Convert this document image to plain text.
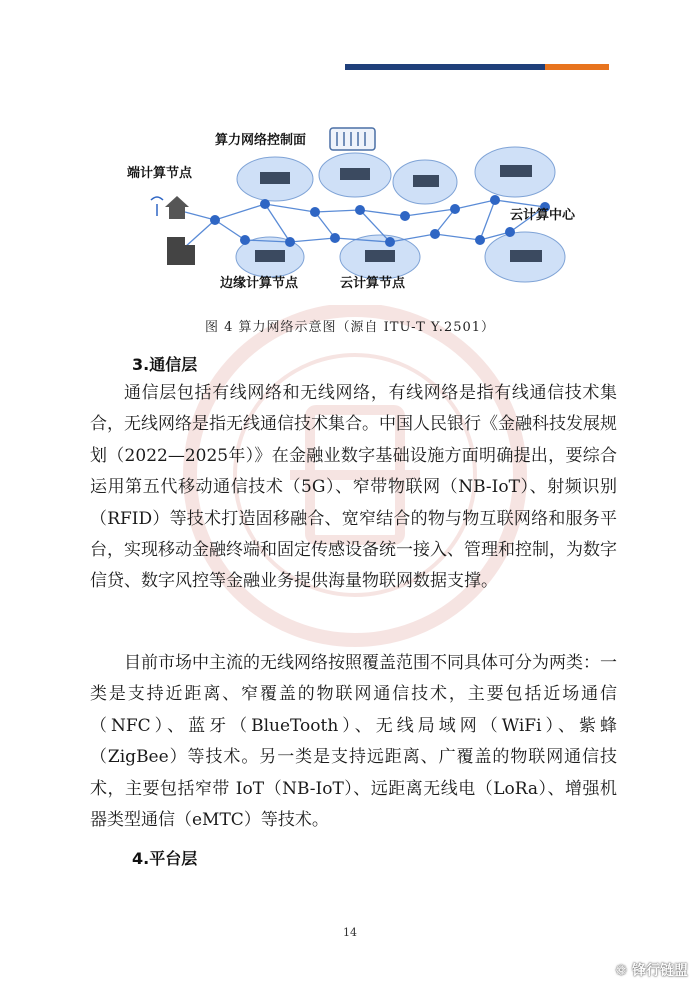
算力网络控制面
端计算节点
边缘计算节点	云计算节点
云计算中心
图 4 算力网络示意图（源自 ITU-T Y.2501）
3.通信层

通信层包括有线网络和无线网络，有线网络是指有线通信技术集合，无线网络是指无线通信技术集合。中国人民银行《金融科技发展规划（2022—2025年）》在金融业数字基础设施方面明确提出，要综合运用第五代移动通信技术（5G）、窄带物联网（NB-IoT）、射频识别（RFID）等技术打造固移融合、宽窄结合的物与物互联网络和服务平台，实现移动金融终端和固定传感设备统一接入、管理和控制，为数字信贷、数字风控等金融业务提供海量物联网数据支撑。

目前市场中主流的无线网络按照覆盖范围不同具体可分为两类：一类是支持近距离、窄覆盖的物联网通信技术，主要包括近场通信（NFC）、蓝牙（BlueTooth）、无线局域网（WiFi）、紫蜂（ZigBee）等技术。另一类是支持远距离、广覆盖的物联网通信技术，主要包括窄带 IoT（NB-IoT）、远距离无线电（LoRa）、增强机器类型通信（eMTC）等技术。

4.平台层
14
❁ 锋行链盟
